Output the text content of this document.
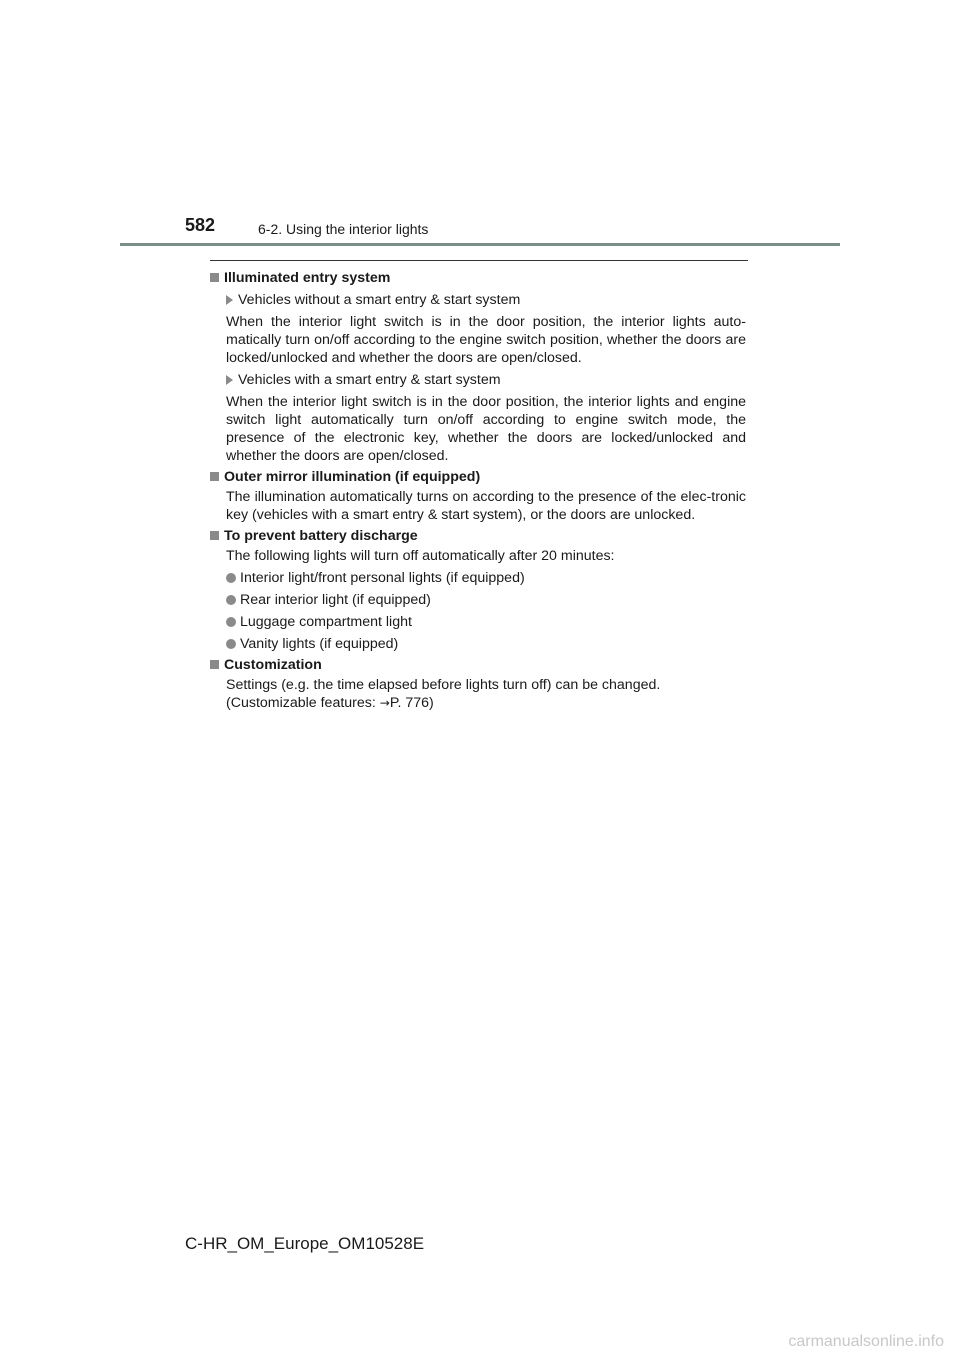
582	6-2. Using the interior lights

Illuminated entry system

Vehicles without a smart entry & start system

When the interior light switch is in the door position, the interior lights auto-matically turn on/off according to the engine switch position, whether the doors are locked/unlocked and whether the doors are open/closed.

Vehicles with a smart entry & start system

When the interior light switch is in the door position, the interior lights and engine switch light automatically turn on/off according to engine switch mode, the presence of the electronic key, whether the doors are locked/unlocked and whether the doors are open/closed.

Outer mirror illumination (if equipped)

The illumination automatically turns on according to the presence of the elec-tronic key (vehicles with a smart entry & start system), or the doors are unlocked.

To prevent battery discharge

The following lights will turn off automatically after 20 minutes:

Interior light/front personal lights (if equipped)
Rear interior light (if equipped)
Luggage compartment light
Vanity lights (if equipped)

Customization

Settings (e.g. the time elapsed before lights turn off) can be changed.
(Customizable features: →P. 776)

C-HR_OM_Europe_OM10528E
carmanualsonline.info
